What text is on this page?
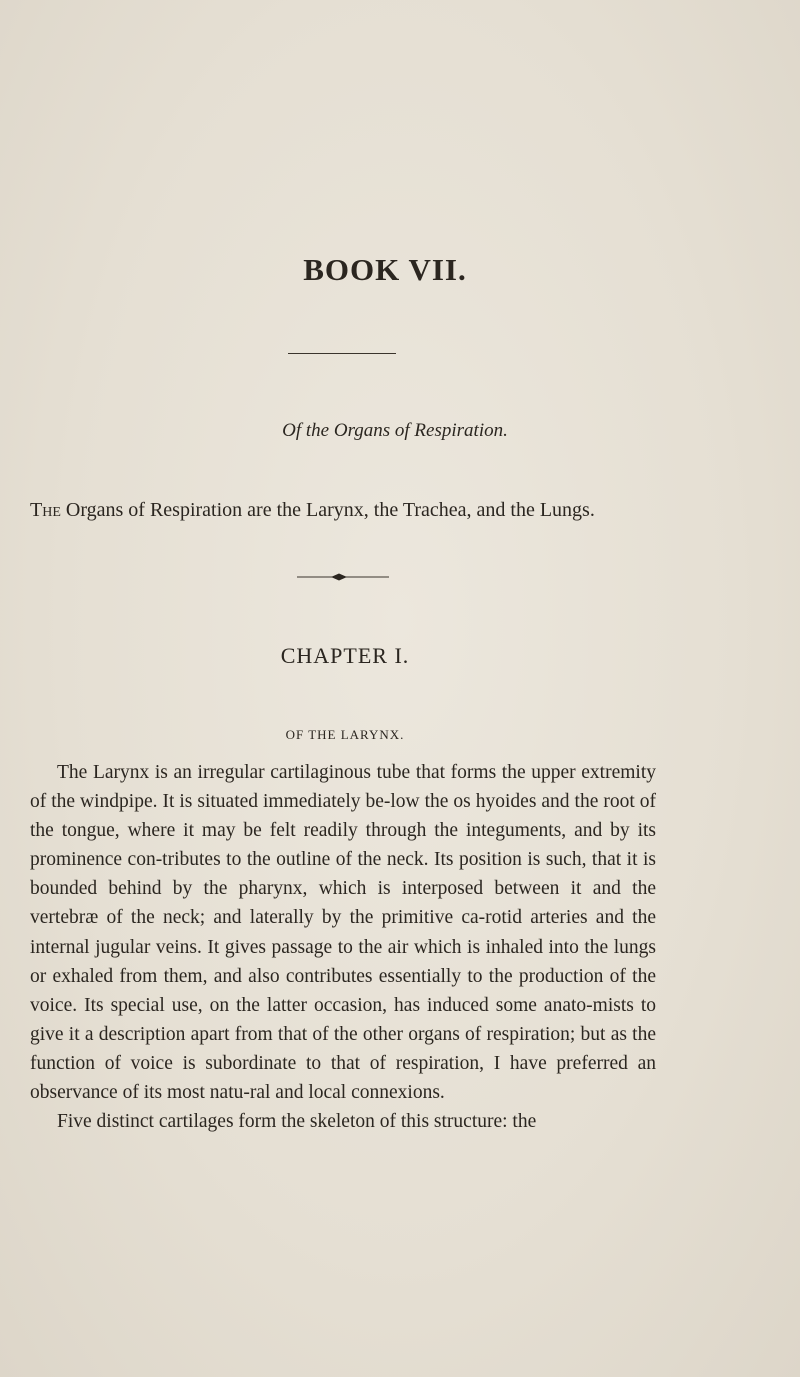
BOOK VII.
Of the Organs of Respiration.
The Organs of Respiration are the Larynx, the Trachea, and the Lungs.
CHAPTER I.
OF THE LARYNX.

The Larynx is an irregular cartilaginous tube that forms the upper extremity of the windpipe. It is situated immediately be-low the os hyoides and the root of the tongue, where it may be felt readily through the integuments, and by its prominence con-tributes to the outline of the neck. Its position is such, that it is bounded behind by the pharynx, which is interposed between it and the vertebræ of the neck; and laterally by the primitive ca-rotid arteries and the internal jugular veins. It gives passage to the air which is inhaled into the lungs or exhaled from them, and also contributes essentially to the production of the voice. Its special use, on the latter occasion, has induced some anato-mists to give it a description apart from that of the other organs of respiration; but as the function of voice is subordinate to that of respiration, I have preferred an observance of its most natu-ral and local connexions.

Five distinct cartilages form the skeleton of this structure: the
